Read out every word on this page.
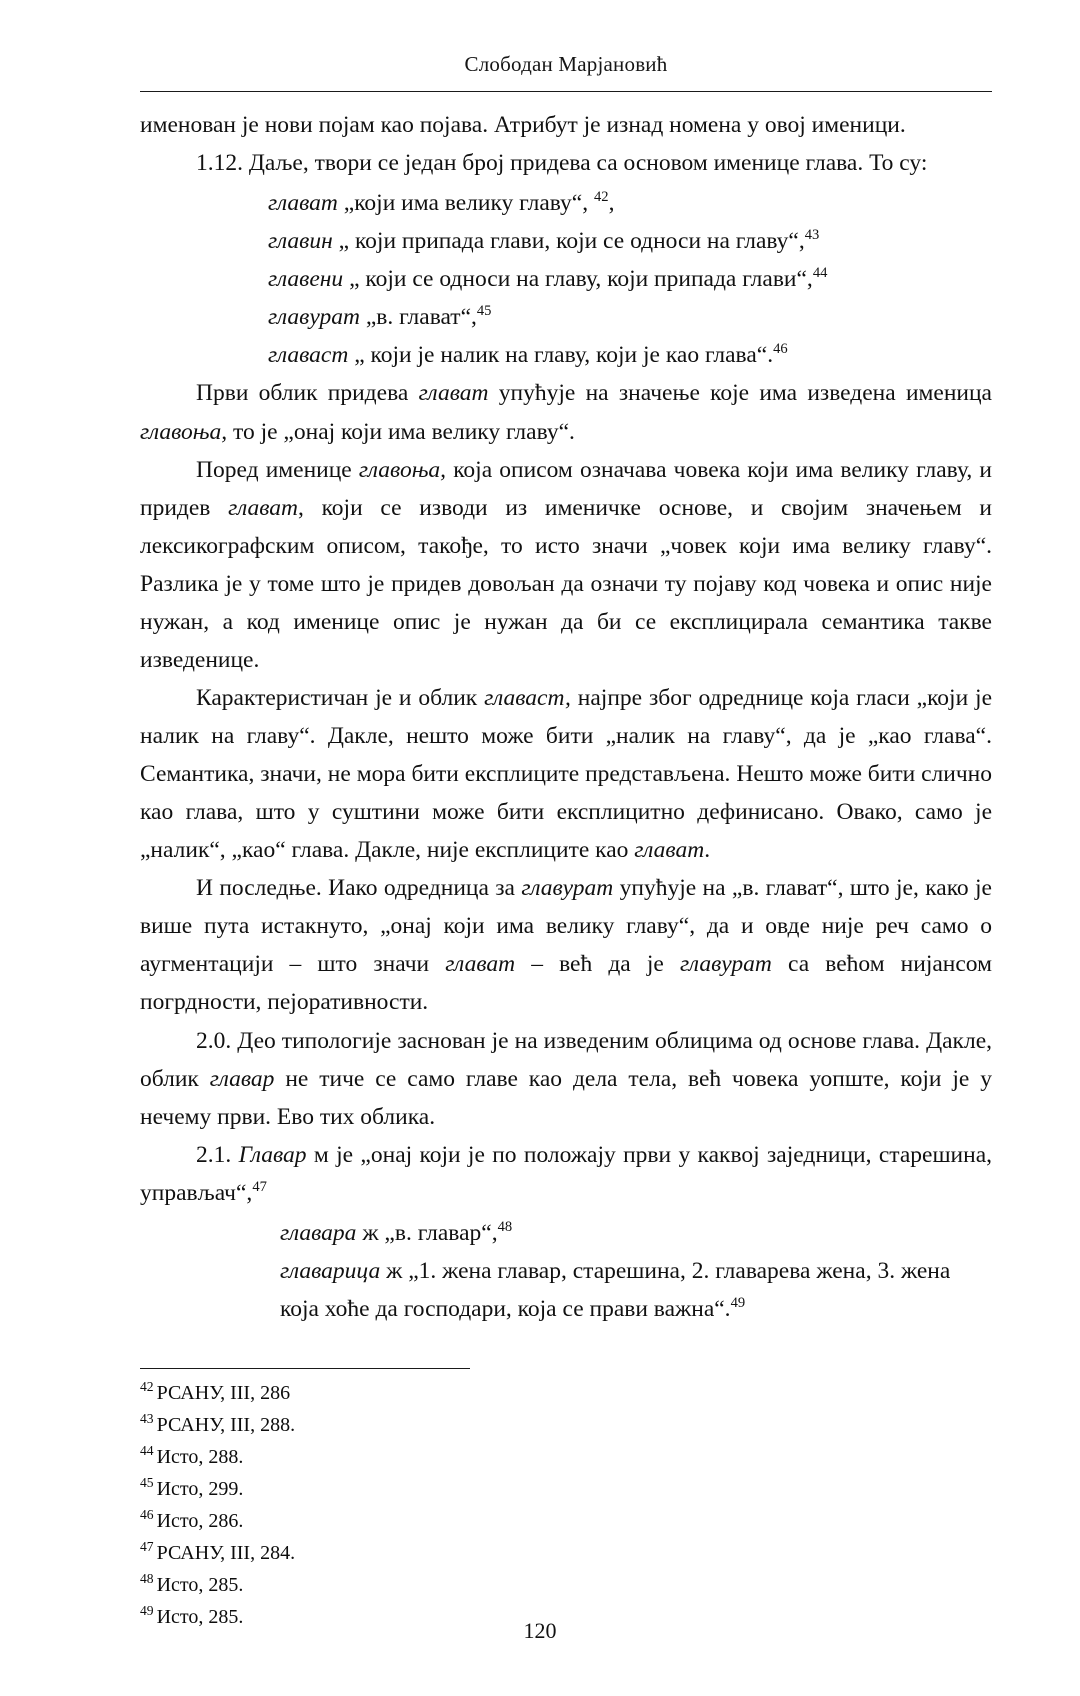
Слободан Марјановић

именован је нови појам као појава. Атрибут је изнад номена у овој именици.

1.12. Даље, твори се један број придева са основом именице глава. То су:

глават „који има велику главу“, $^{42}$,

главин „ који припада глави, који се односи на главу“,$^{43}$

главени „ који се односи на главу, који припада глави“,$^{44}$

главурат „в. глават“,$^{45}$

главаст „ који је налик на главу, који је као глава“.$^{46}$

Први облик придева глават упућује на значење које има изведена именица главоња, то је „онај који има велику главу“.

Поред именице главоња, која описом означава човека који има велику главу, и придев глават, који се изводи из именичке основе, и својим значењем и лексикографским описом, такође, то исто значи „човек који има велику главу“. Разлика је у томе што је придев довољан да означи ту појаву код човека и опис није нужан, а код именице опис је нужан да би се експлицирала семантика такве изведенице.

Карактеристичан је и облик главаст, најпре због одреднице која гласи „који је налик на главу“. Дакле, нешто може бити „налик на главу“, да је „као глава“. Семантика, значи, не мора бити експлиците представљена. Нешто може бити слично као глава, што у суштини може бити експлицитно дефинисано. Овако, само је „налик“, „као“ глава. Дакле, није експлиците као глават.

И последње. Иако одредница за главурат упућује на „в. глават“, што је, како је више пута истакнуто, „онај који има велику главу“, да и овде није реч само о аугментацији – што значи глават – већ да је главурат са већом нијансом погрдности, пејоративности.

2.0. Део типологије заснован је на изведеним облицима од основе глава. Дакле, облик главар не тиче се само главе као дела тела, већ човека уопште, који је у нечему први. Ево тих облика.

2.1. Главар м је „онај који је по положају први у каквој заједници, старешина, управљач“,$^{47}$

главара ж „в. главар“,$^{48}$

главарица ж „1. жена главар, старешина, 2. главарева жена, 3. жена која хоће да господари, која се прави важна“.$^{49}$

$^{42}$ РСАНУ, III, 286
$^{43}$ РСАНУ, III, 288.
$^{44}$ Исто, 288.
$^{45}$ Исто, 299.
$^{46}$ Исто, 286.
$^{47}$ РСАНУ, III, 284.
$^{48}$ Исто, 285.
$^{49}$ Исто, 285.
120
